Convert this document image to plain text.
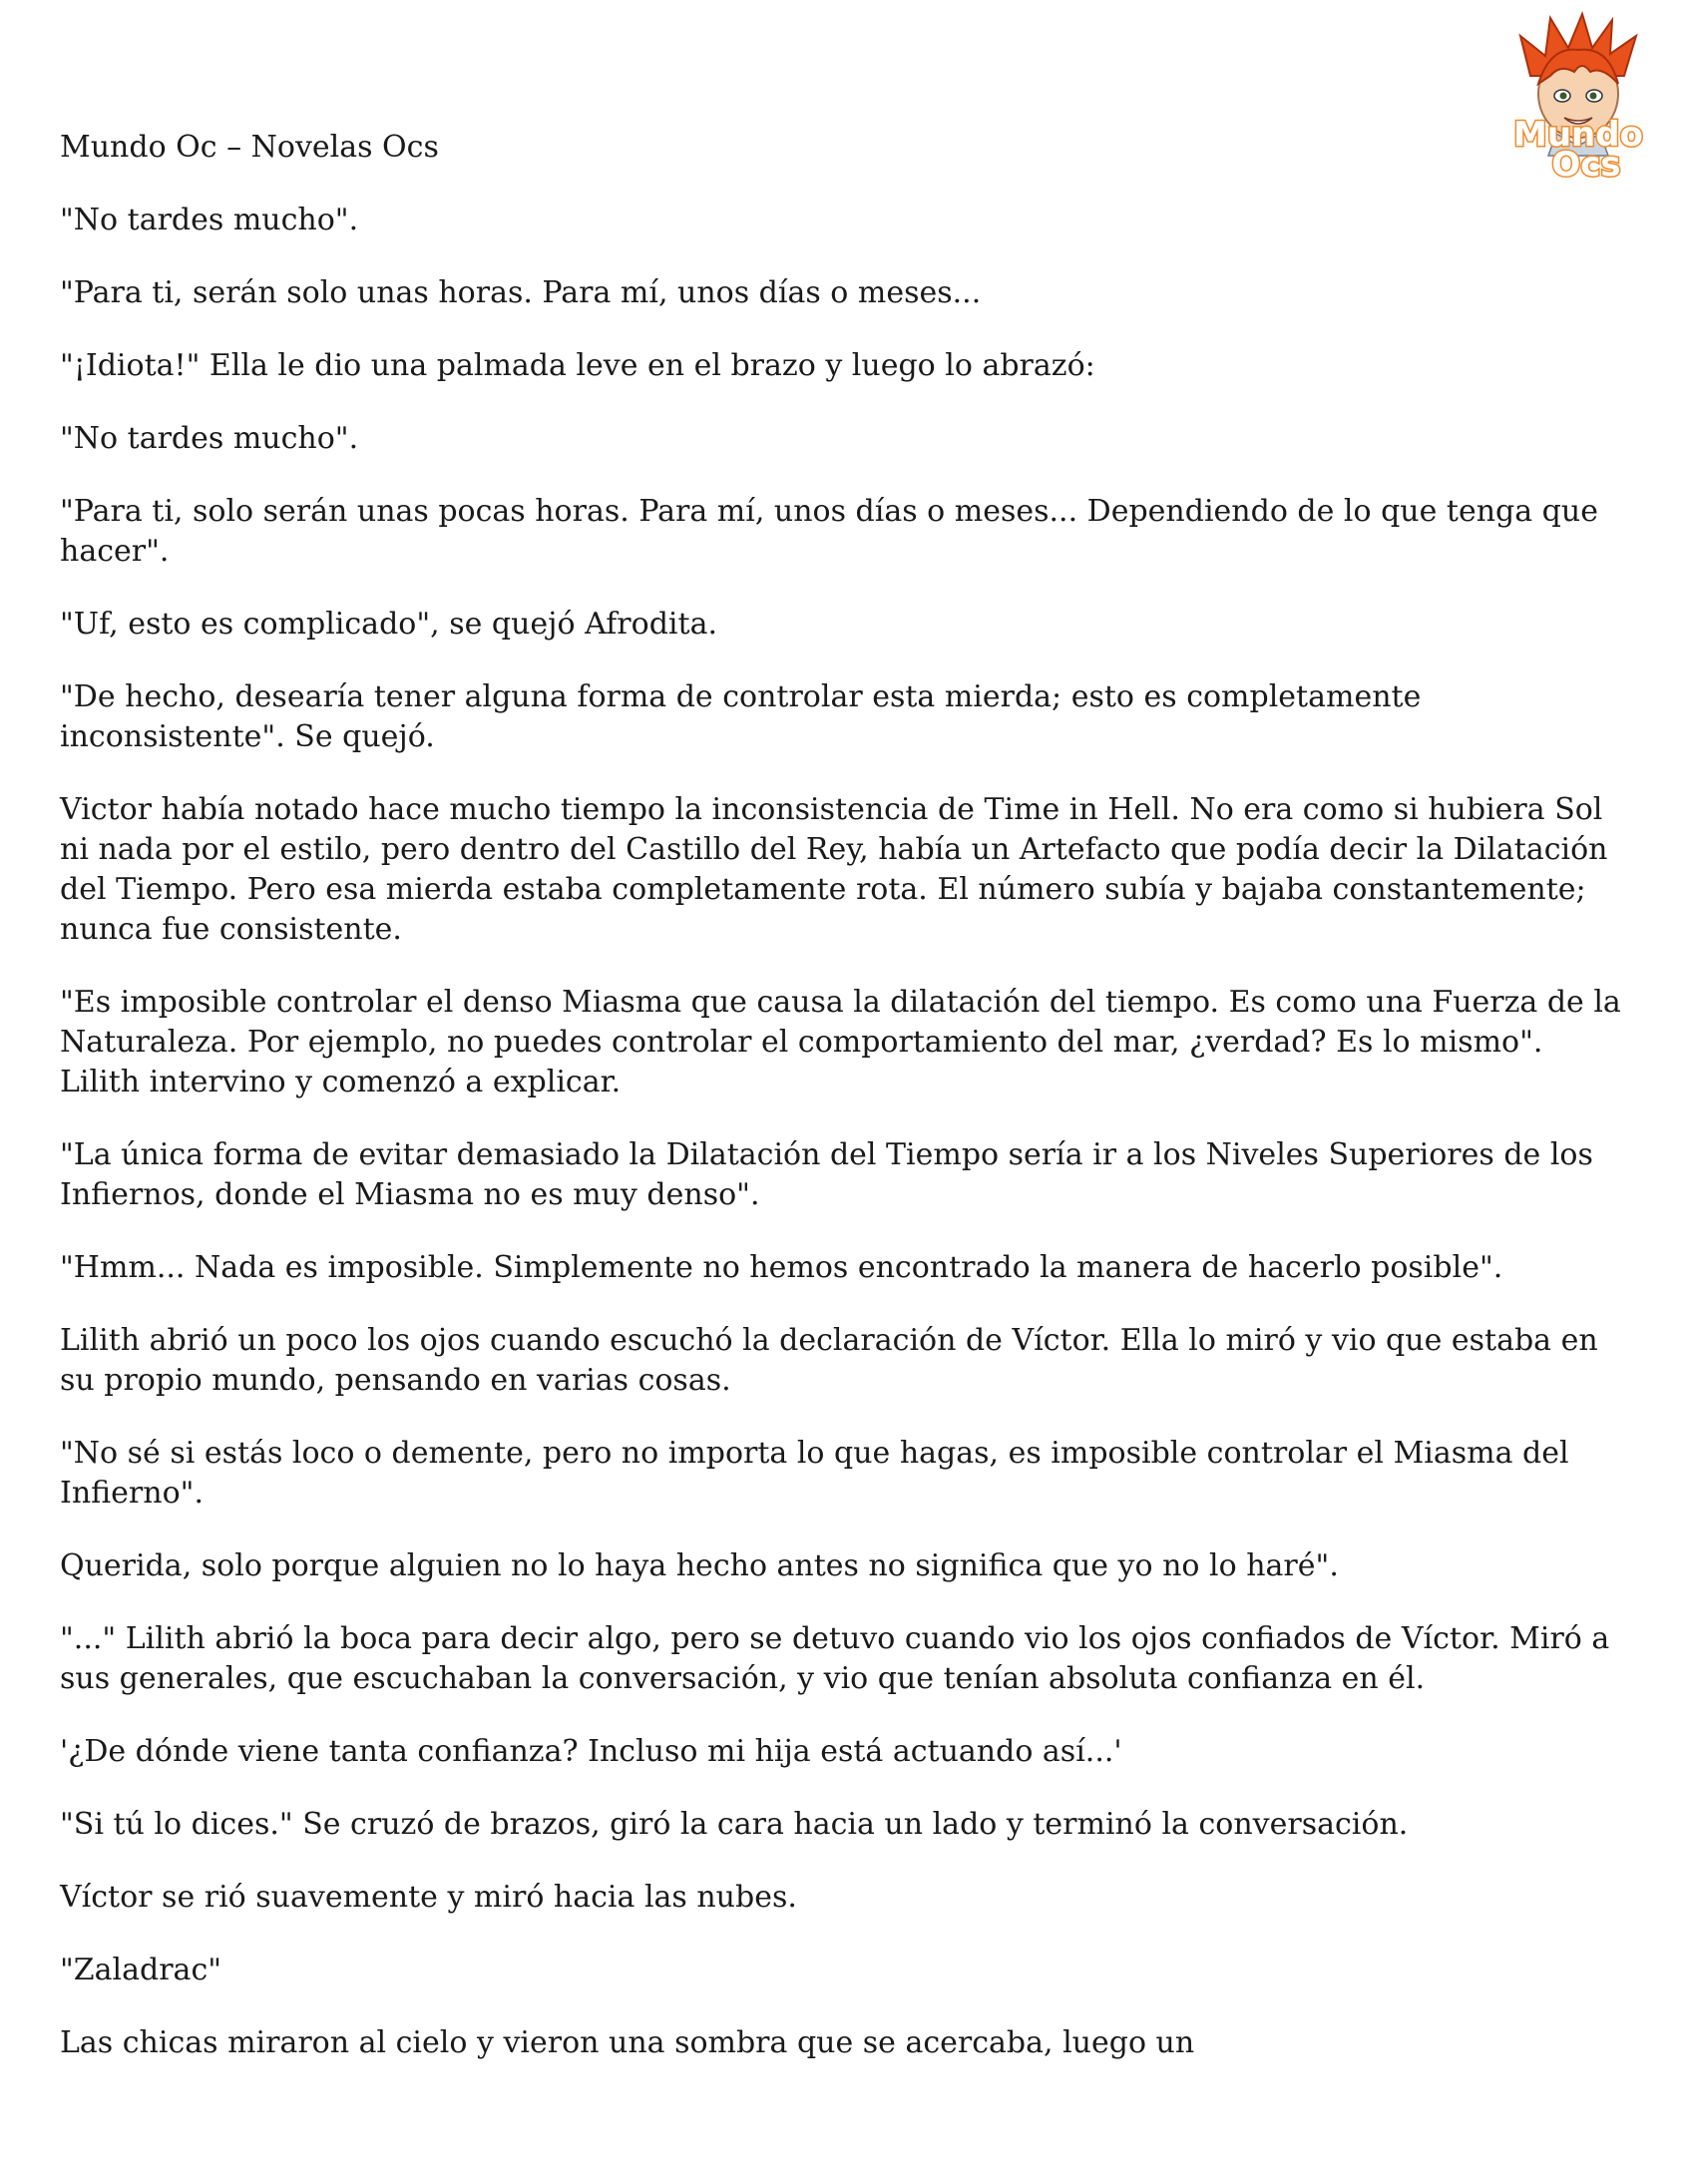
Mundo
Ocs
Mundo Oc – Novelas Ocs

"No tardes mucho".

"Para ti, serán solo unas horas. Para mí, unos días o meses...

"¡Idiota!" Ella le dio una palmada leve en el brazo y luego lo abrazó:

"No tardes mucho".

"Para ti, solo serán unas pocas horas. Para mí, unos días o meses... Dependiendo de lo que tenga que hacer".

"Uf, esto es complicado", se quejó Afrodita.

"De hecho, desearía tener alguna forma de controlar esta mierda; esto es completamente inconsistente". Se quejó.

Victor había notado hace mucho tiempo la inconsistencia de Time in Hell. No era como si hubiera Sol ni nada por el estilo, pero dentro del Castillo del Rey, había un Artefacto que podía decir la Dilatación del Tiempo. Pero esa mierda estaba completamente rota. El número subía y bajaba constantemente; nunca fue consistente.

"Es imposible controlar el denso Miasma que causa la dilatación del tiempo. Es como una Fuerza de la Naturaleza. Por ejemplo, no puedes controlar el comportamiento del mar, ¿verdad? Es lo mismo". Lilith intervino y comenzó a explicar.

"La única forma de evitar demasiado la Dilatación del Tiempo sería ir a los Niveles Superiores de los Infiernos, donde el Miasma no es muy denso".

"Hmm... Nada es imposible. Simplemente no hemos encontrado la manera de hacerlo posible".

Lilith abrió un poco los ojos cuando escuchó la declaración de Víctor. Ella lo miró y vio que estaba en su propio mundo, pensando en varias cosas.

"No sé si estás loco o demente, pero no importa lo que hagas, es imposible controlar el Miasma del Infierno".

Querida, solo porque alguien no lo haya hecho antes no significa que yo no lo haré".

"..." Lilith abrió la boca para decir algo, pero se detuvo cuando vio los ojos confiados de Víctor. Miró a sus generales, que escuchaban la conversación, y vio que tenían absoluta confianza en él.

'¿De dónde viene tanta confianza? Incluso mi hija está actuando así...'

"Si tú lo dices." Se cruzó de brazos, giró la cara hacia un lado y terminó la conversación.

Víctor se rió suavemente y miró hacia las nubes.

"Zaladrac"

Las chicas miraron al cielo y vieron una sombra que se acercaba, luego un
